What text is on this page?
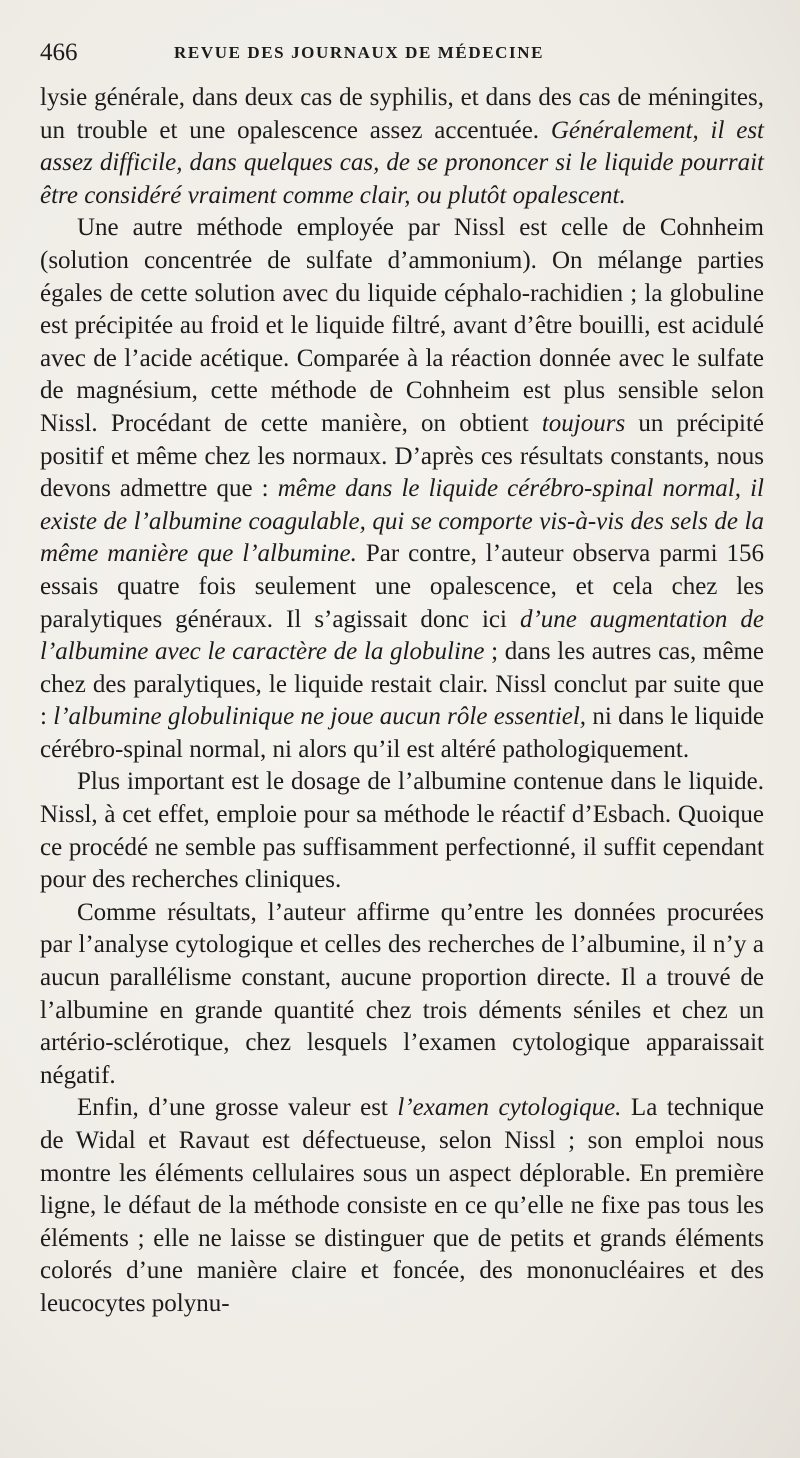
466	REVUE DES JOURNAUX DE MÉDECINE

lysie générale, dans deux cas de syphilis, et dans des cas de méningites, un trouble et une opalescence assez accentuée. Généralement, il est assez difficile, dans quelques cas, de se prononcer si le liquide pourrait être considéré vraiment comme clair, ou plutôt opalescent.

Une autre méthode employée par Nissl est celle de Cohnheim (solution concentrée de sulfate d’ammonium). On mélange parties égales de cette solution avec du liquide céphalo-rachidien ; la globuline est précipitée au froid et le liquide filtré, avant d’être bouilli, est acidulé avec de l’acide acétique. Comparée à la réaction donnée avec le sulfate de magnésium, cette méthode de Cohnheim est plus sensible selon Nissl. Procédant de cette manière, on obtient toujours un précipité positif et même chez les normaux. D’après ces résultats constants, nous devons admettre que : même dans le liquide cérébro-spinal normal, il existe de l’albumine coagulable, qui se comporte vis-à-vis des sels de la même manière que l’albumine. Par contre, l’auteur observa parmi 156 essais quatre fois seulement une opalescence, et cela chez les paralytiques généraux. Il s’agissait donc ici d’une augmentation de l’albumine avec le caractère de la globuline ; dans les autres cas, même chez des paralytiques, le liquide restait clair. Nissl conclut par suite que : l’albumine globulinique ne joue aucun rôle essentiel, ni dans le liquide cérébro-spinal normal, ni alors qu’il est altéré pathologiquement.

Plus important est le dosage de l’albumine contenue dans le liquide. Nissl, à cet effet, emploie pour sa méthode le réactif d’Esbach. Quoique ce procédé ne semble pas suffisamment perfectionné, il suffit cependant pour des recherches cliniques.

Comme résultats, l’auteur affirme qu’entre les données procurées par l’analyse cytologique et celles des recherches de l’albumine, il n’y a aucun parallélisme constant, aucune proportion directe. Il a trouvé de l’albumine en grande quantité chez trois déments séniles et chez un artério-sclérotique, chez lesquels l’examen cytologique apparaissait négatif.

Enfin, d’une grosse valeur est l’examen cytologique. La technique de Widal et Ravaut est défectueuse, selon Nissl ; son emploi nous montre les éléments cellulaires sous un aspect déplorable. En première ligne, le défaut de la méthode consiste en ce qu’elle ne fixe pas tous les éléments ; elle ne laisse se distinguer que de petits et grands éléments colorés d’une manière claire et foncée, des mononucléaires et des leucocytes polynu-
